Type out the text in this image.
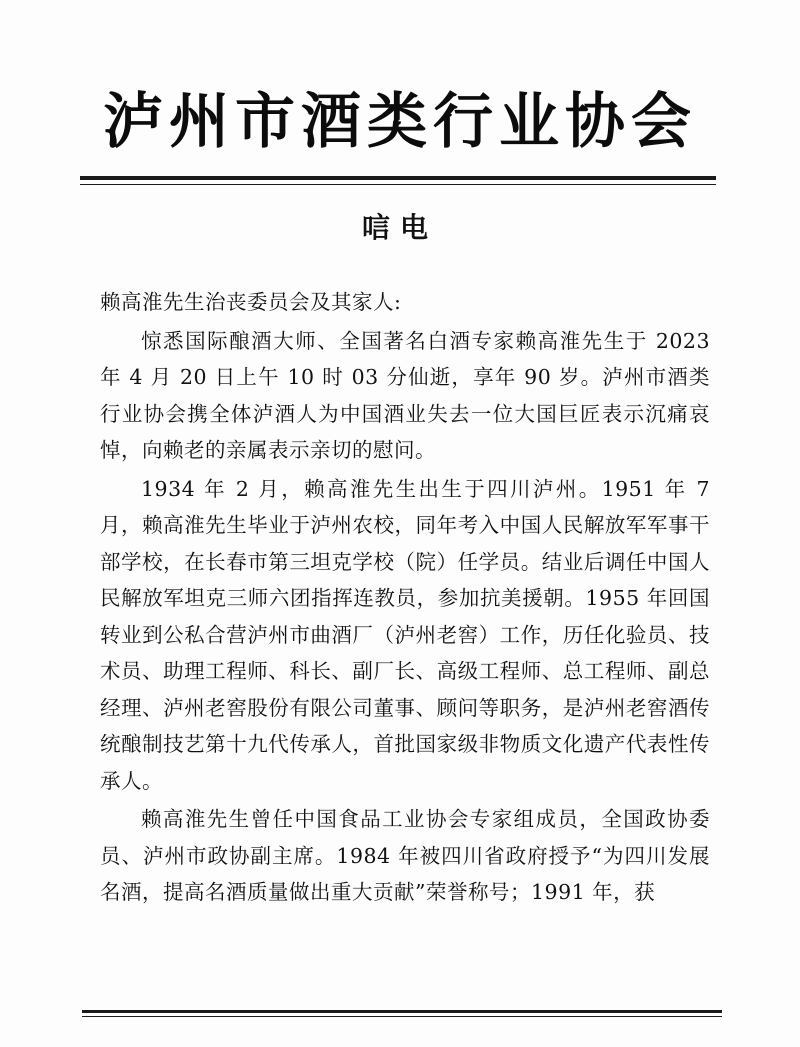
泸州市酒类行业协会
唁电

赖高淮先生治丧委员会及其家人:

惊悉国际酿酒大师、全国著名白酒专家赖高淮先生于 2023 年 4 月 20 日上午 10 时 03 分仙逝，享年 90 岁。泸州市酒类行业协会携全体泸酒人为中国酒业失去一位大国巨匠表示沉痛哀悼，向赖老的亲属表示亲切的慰问。

1934 年 2 月，赖高淮先生出生于四川泸州。1951 年 7 月，赖高淮先生毕业于泸州农校，同年考入中国人民解放军军事干部学校，在长春市第三坦克学校（院）任学员。结业后调任中国人民解放军坦克三师六团指挥连教员，参加抗美援朝。1955 年回国转业到公私合营泸州市曲酒厂（泸州老窖）工作，历任化验员、技术员、助理工程师、科长、副厂长、高级工程师、总工程师、副总经理、泸州老窖股份有限公司董事、顾问等职务，是泸州老窖酒传统酿制技艺第十九代传承人，首批国家级非物质文化遗产代表性传承人。

赖高淮先生曾任中国食品工业协会专家组成员，全国政协委员、泸州市政协副主席。1984 年被四川省政府授予“为四川发展名酒，提高名酒质量做出重大贡献”荣誉称号；1991 年，获
